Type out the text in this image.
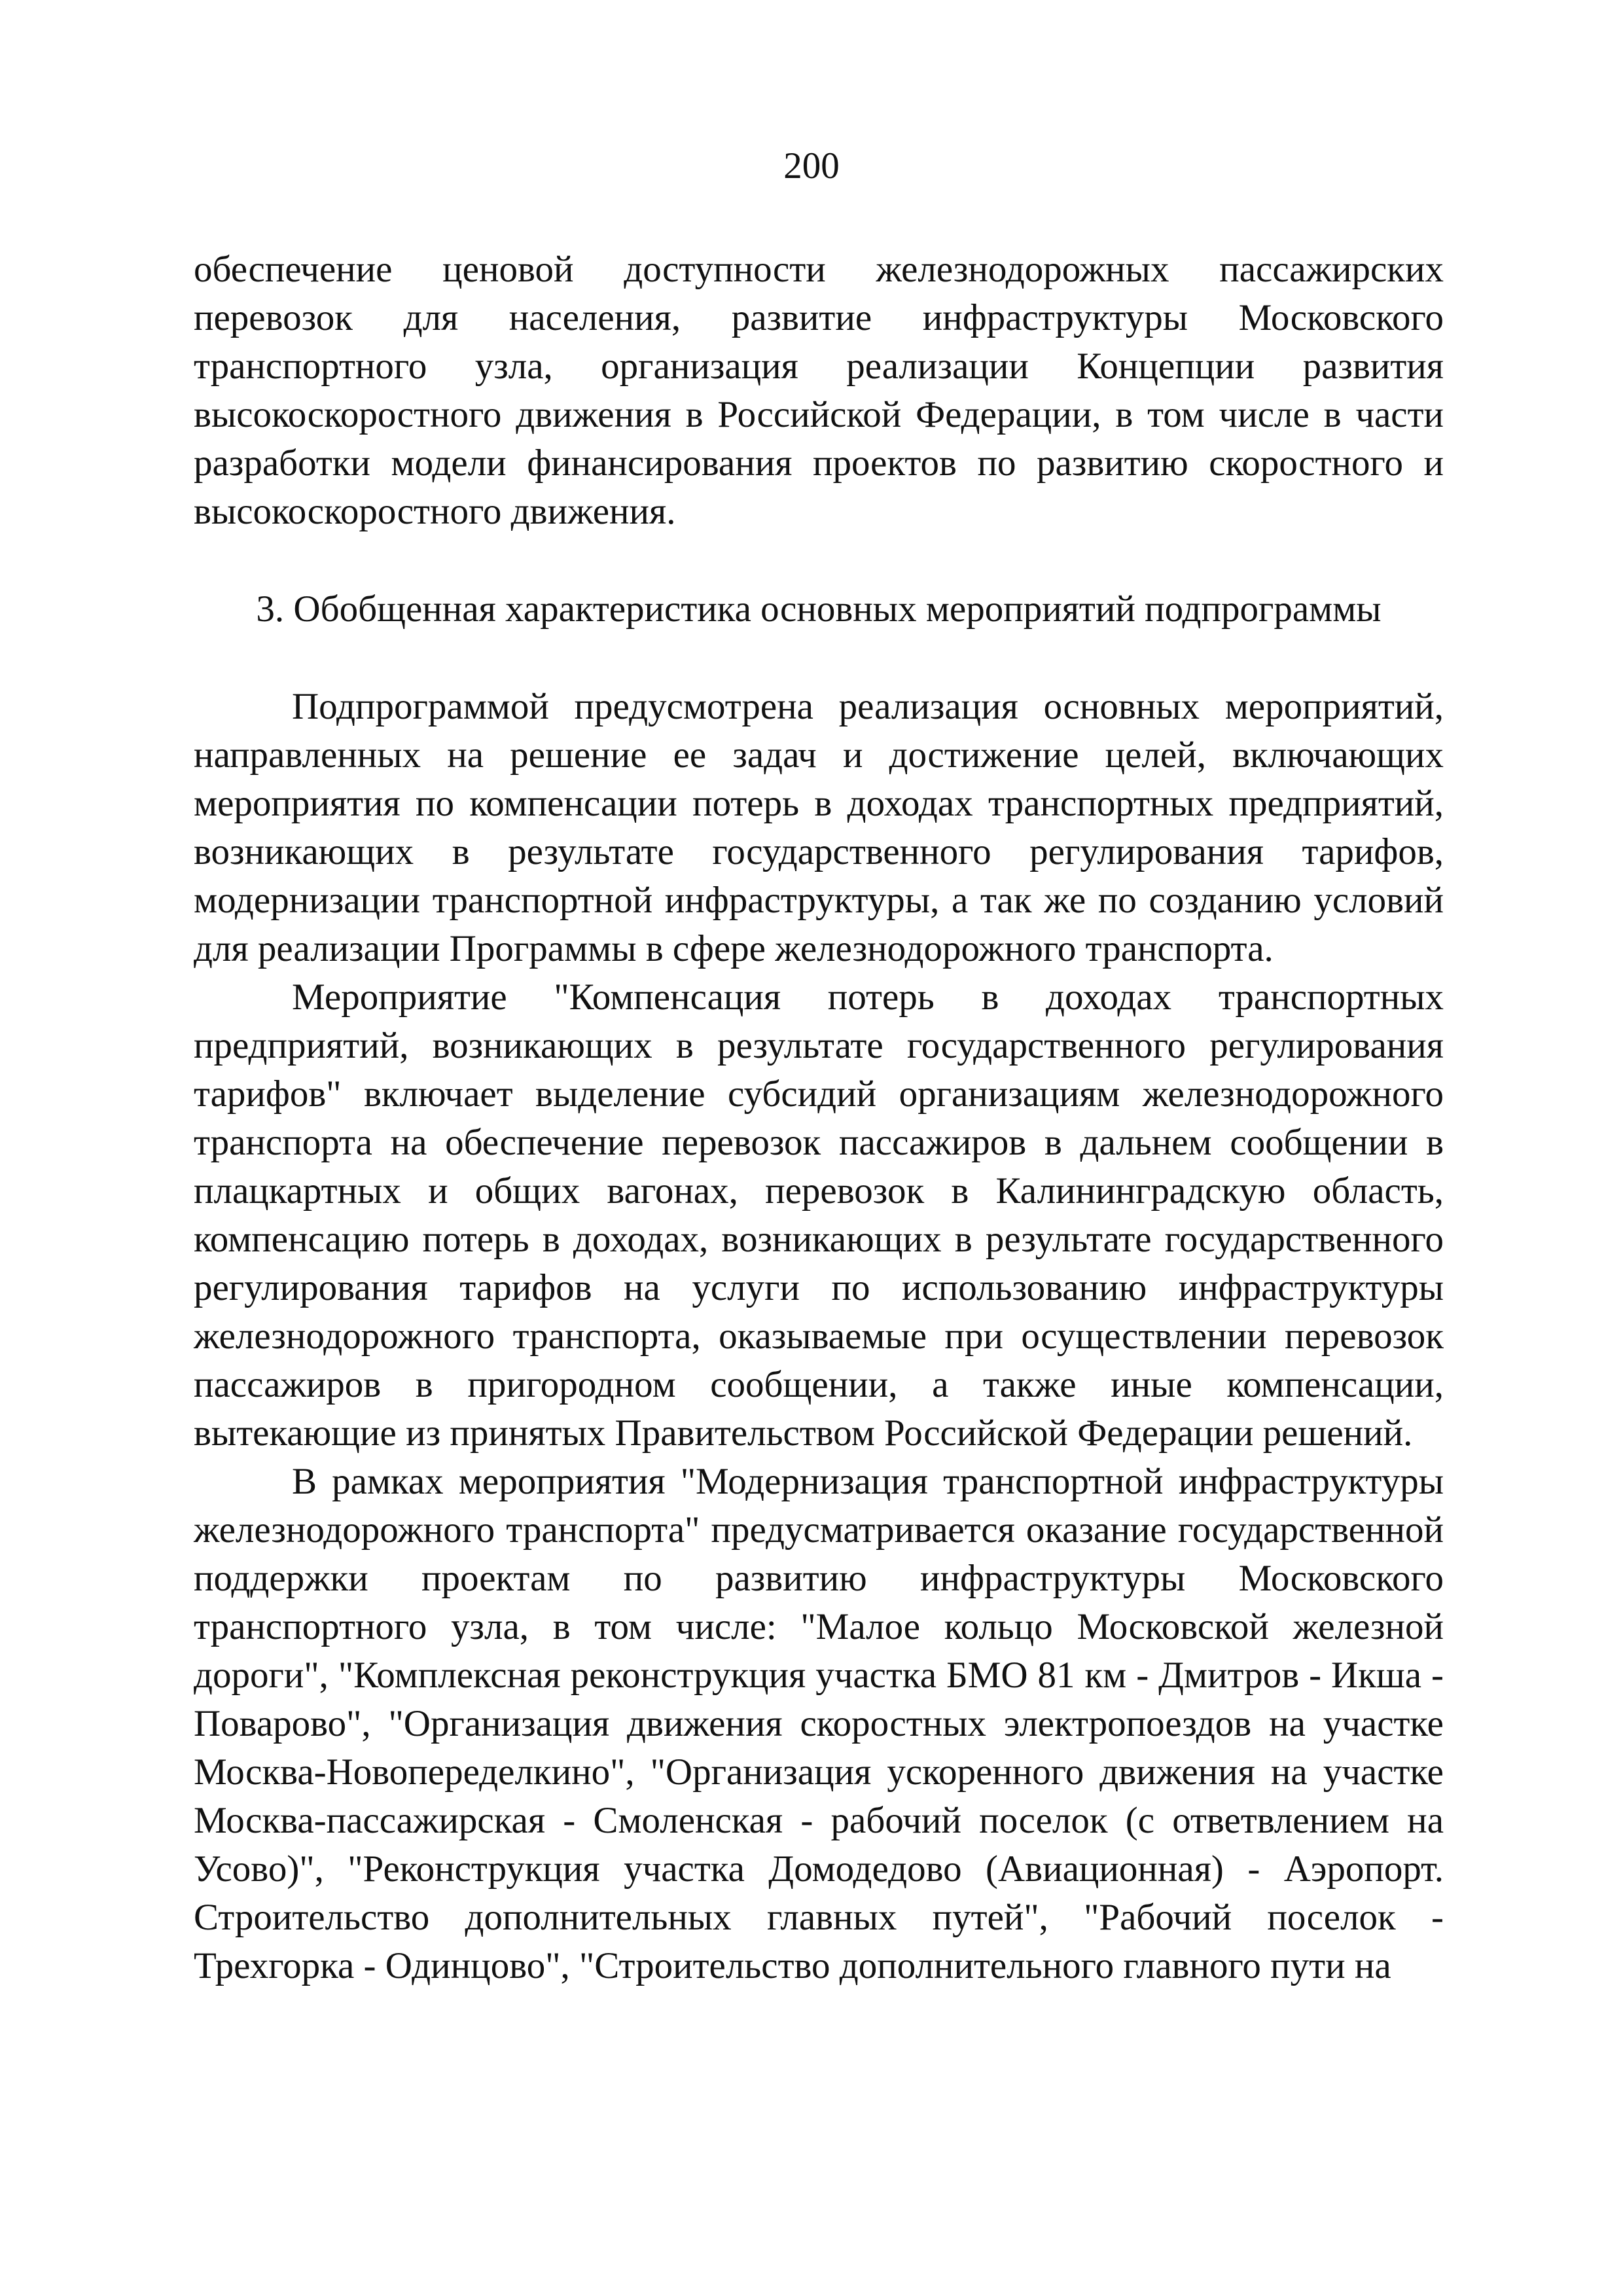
200

обеспечение ценовой доступности железнодорожных пассажирских перевозок для населения, развитие инфраструктуры Московского транспортного узла, организация реализации Концепции развития высокоскоростного движения в Российской Федерации, в том числе в части разработки модели финансирования проектов по развитию скоростного и высокоскоростного движения.

3. Обобщенная характеристика основных мероприятий подпрограммы

Подпрограммой предусмотрена реализация основных мероприятий, направленных на решение ее задач и достижение целей, включающих мероприятия по компенсации потерь в доходах транспортных предприятий, возникающих в результате государственного регулирования тарифов, модернизации транспортной инфраструктуры, а так же по созданию условий для реализации Программы в сфере железнодорожного транспорта.

Мероприятие "Компенсация потерь в доходах транспортных предприятий, возникающих в результате государственного регулирования тарифов" включает выделение субсидий организациям железнодорожного транспорта на обеспечение перевозок пассажиров в дальнем сообщении в плацкартных и общих вагонах, перевозок в Калининградскую область, компенсацию потерь в доходах, возникающих в результате государственного регулирования тарифов на услуги по использованию инфраструктуры железнодорожного транспорта, оказываемые при осуществлении перевозок пассажиров в пригородном сообщении, а также иные компенсации, вытекающие из принятых Правительством Российской Федерации решений.

В рамках мероприятия "Модернизация транспортной инфраструктуры железнодорожного транспорта" предусматривается оказание государственной поддержки проектам по развитию инфраструктуры Московского транспортного узла, в том числе: "Малое кольцо Московской железной дороги", "Комплексная реконструкция участка БМО 81 км - Дмитров - Икша - Поварово", "Организация движения скоростных электропоездов на участке Москва-Новопеределкино", "Организация ускоренного движения на участке Москва-пассажирская - Смоленская - рабочий поселок (с ответвлением на Усово)", "Реконструкция участка Домодедово (Авиационная) - Аэропорт. Строительство дополнительных главных путей", "Рабочий поселок - Трехгорка - Одинцово", "Строительство дополнительного главного пути на
